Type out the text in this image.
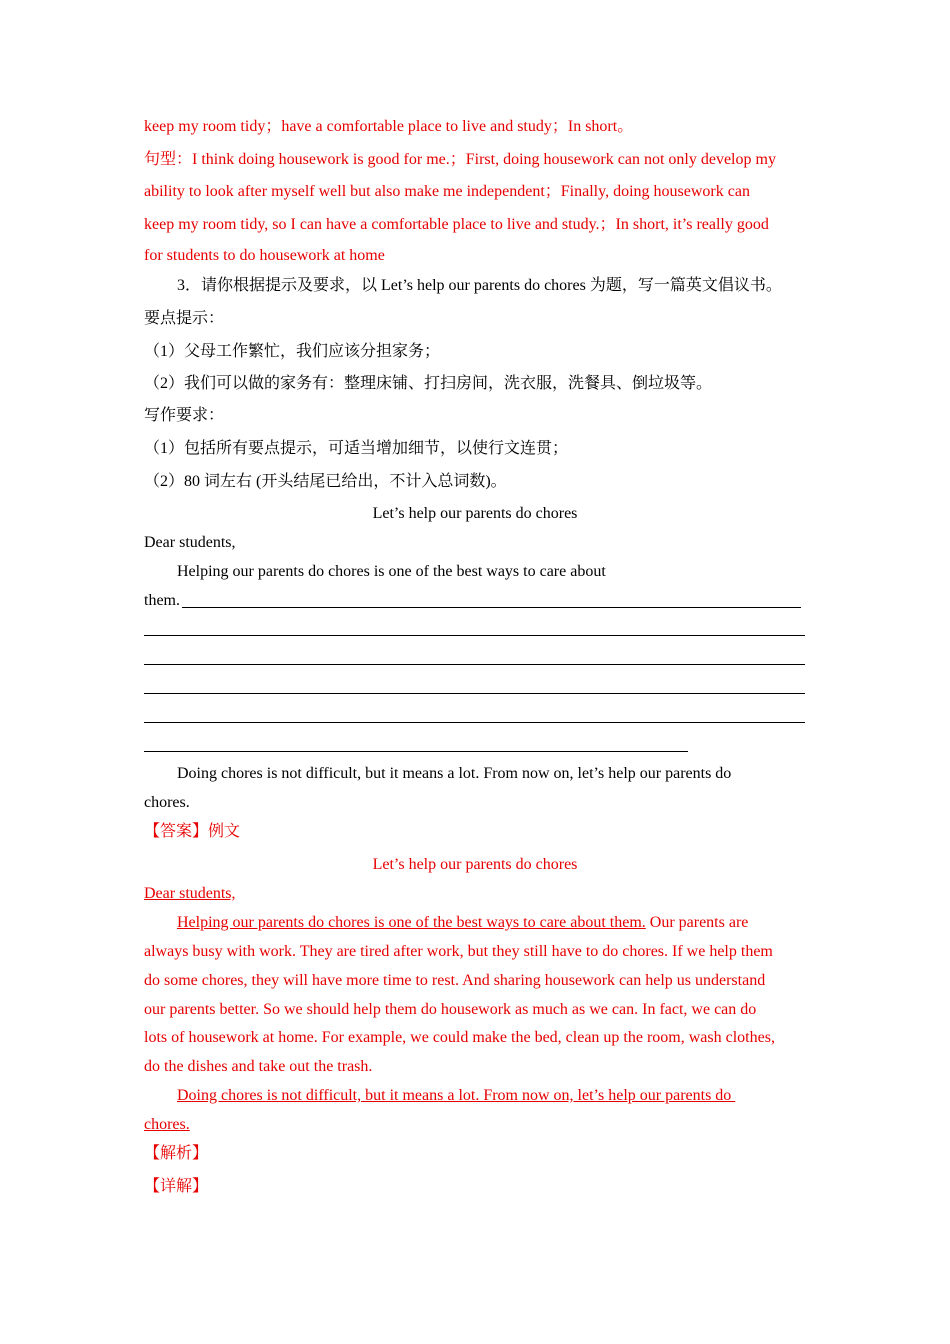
keep my room tidy；have a comfortable place to live and study；In short。
句型：I think doing housework is good for me.；First, doing housework can not only develop my
ability to look after myself well but also make me independent；Finally, doing housework can
keep my room tidy, so I can have a comfortable place to live and study.；In short, it’s really good
for students to do housework at home
3．请你根据提示及要求，以 Let’s help our parents do chores 为题，写一篇英文倡议书。
要点提示：
（1）父母工作繁忙，我们应该分担家务；
（2）我们可以做的家务有：整理床铺、打扫房间，洗衣服，洗餐具、倒垃圾等。
写作要求：
（1）包括所有要点提示，可适当增加细节，以使行文连贯；
（2）80 词左右 (开头结尾已给出，不计入总词数)。
Let’s help our parents do chores
Dear students,
Helping our parents do chores is one of the best ways to care about
them.
Doing chores is not difficult, but it means a lot. From now on, let’s help our parents do
chores.
【答案】例文
Let’s help our parents do chores
Dear students,
Helping our parents do chores is one of the best ways to care about them. Our parents are
always busy with work. They are tired after work, but they still have to do chores. If we help them
do some chores, they will have more time to rest. And sharing housework can help us understand
our parents better. So we should help them do housework as much as we can. In fact, we can do
lots of housework at home. For example, we could make the bed, clean up the room, wash clothes,
do the dishes and take out the trash.
Doing chores is not difficult, but it means a lot. From now on, let’s help our parents do
chores.
【解析】
【详解】
